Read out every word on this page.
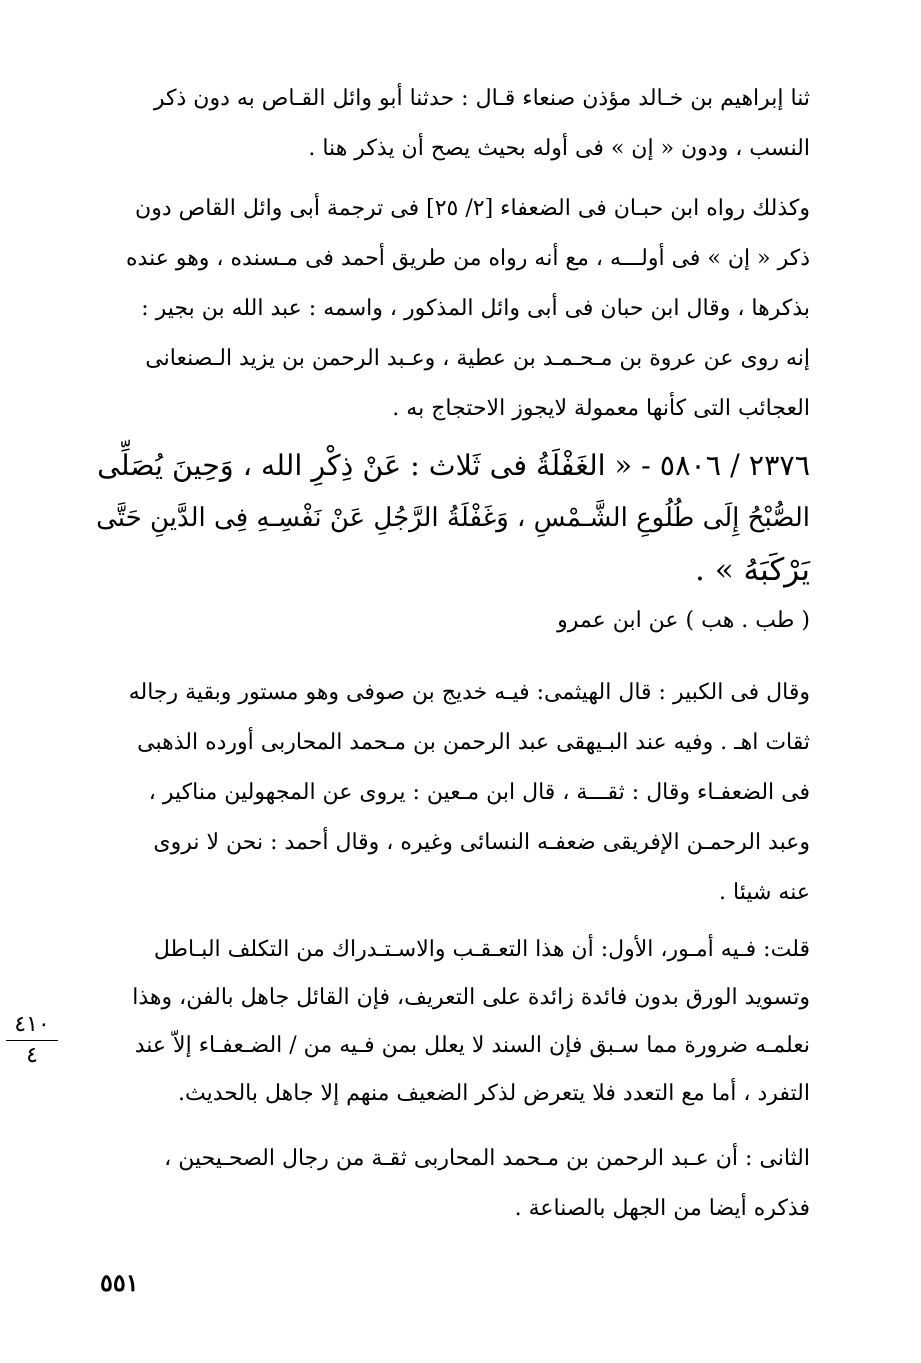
ثنا إبراهيم بن خـالد مؤذن صنعاء قـال : حدثنا أبو وائل القـاص به دون ذكر
النسب ، ودون « إن » فى أوله بحيث يصح أن يذكر هنا .
وكذلك رواه ابن حبـان فى الضعفاء [٢/ ٢٥] فى ترجمة أبى وائل القاص دون
ذكر « إن » فى أولـــه ، مع أنه رواه من طريق أحمد فى مـسنده ، وهو عنده
بذكرها ، وقال ابن حبان فى أبى وائل المذكور ، واسمه : عبد الله بن بجير :
إنه روى عن عروة بن مـحـمـد بن عطية ، وعـبد الرحمن بن يزيد الـصنعانى
العجائب التى كأنها معمولة لايجوز الاحتجاج به .
٢٣٧٦ / ٥٨٠٦ - « الغَفْلَةُ فى ثَلاث : عَنْ ذِكْرِ الله ، وَحِينَ يُصَلِّى
الصُّبْحُ إِلَى طُلُوعِ الشَّـمْسِ ، وَغَفْلَةُ الرَّجُلِ عَنْ نَفْسِـهِ فِى الدَّينِ حَتَّى
يَرْكَبَهُ » .
( طب . هب ) عن ابن عمرو
وقال فى الكبير : قال الهيثمى: فيـه خديج بن صوفى وهو مستور وبقية رجاله
ثقات اهـ . وفيه عند البـيهقى عبد الرحمن بن مـحمد المحاربى أورده الذهبى
فى الضعفـاء وقال : ثقـــة ، قال ابن مـعين : يروى عن المجهولين مناكير ،
وعبد الرحمـن الإفريقى ضعفـه النسائى وغيره ، وقال أحمد : نحن لا نروى
عنه شيئا .
قلت: فـيه أمـور، الأول: أن هذا التعـقـب والاسـتـدراك من التكلف البـاطل
وتسويد الورق بدون فائدة زائدة على التعريف، فإن القائل جاهل بالفن، وهذا
نعلمـه ضرورة مما سـبق فإن السند لا يعلل بمن فـيه من / الضـعفـاء إلاّ عند
التفرد ، أما مع التعدد فلا يتعرض لذكر الضعيف منهم إلا جاهل بالحديث.
الثانى : أن عـبد الرحمن بن مـحمد المحاربى ثقـة من رجال الصحـيحين ،
فذكره أيضا من الجهل بالصناعة .
٤١٠
٤
٥٥١
